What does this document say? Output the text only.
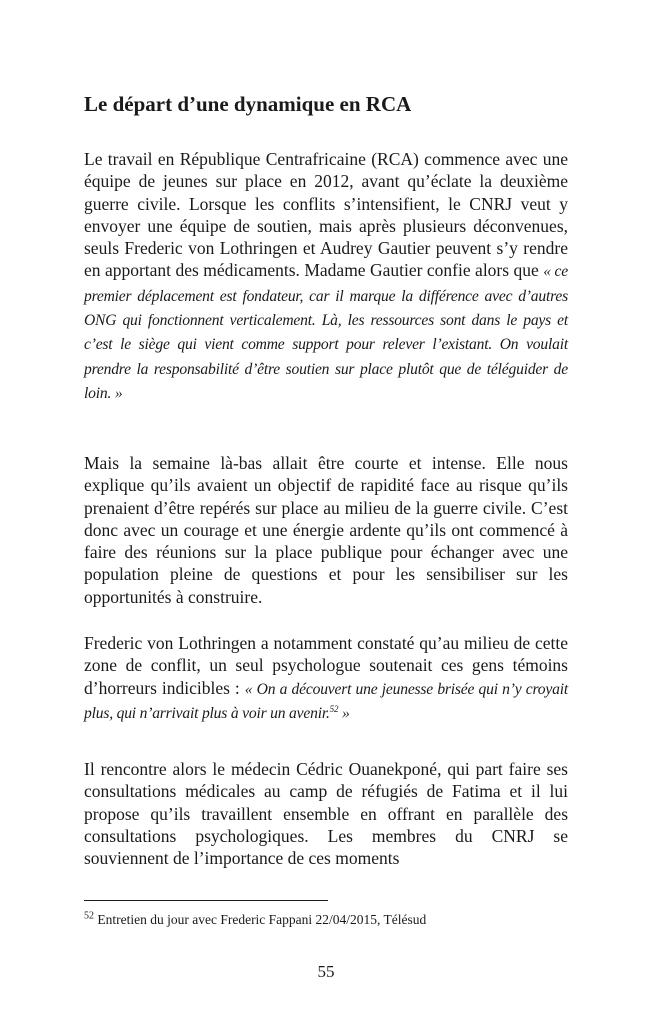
Le départ d’une dynamique en RCA

Le travail en République Centrafricaine (RCA) commence avec une équipe de jeunes sur place en 2012, avant qu’éclate la deuxième guerre civile. Lorsque les conflits s’intensifient, le CNRJ veut y envoyer une équipe de soutien, mais après plusieurs déconvenues, seuls Frederic von Lothringen et Audrey Gautier peuvent s’y rendre en apportant des médicaments. Madame Gautier confie alors que « ce premier déplacement est fondateur, car il marque la différence avec d’autres ONG qui fonctionnent verticalement. Là, les ressources sont dans le pays et c’est le siège qui vient comme support pour relever l’existant. On voulait prendre la responsabilité d’être soutien sur place plutôt que de téléguider de loin. »

Mais la semaine là-bas allait être courte et intense. Elle nous explique qu’ils avaient un objectif de rapidité face au risque qu’ils prenaient d’être repérés sur place au milieu de la guerre civile. C’est donc avec un courage et une énergie ardente qu’ils ont commencé à faire des réunions sur la place publique pour échanger avec une population pleine de questions et pour les sensibiliser sur les opportunités à construire.

Frederic von Lothringen a notamment constaté qu’au milieu de cette zone de conflit, un seul psychologue soutenait ces gens témoins d’horreurs indicibles : « On a découvert une jeunesse brisée qui n’y croyait plus, qui n’arrivait plus à voir un avenir.$^{52}$ »

Il rencontre alors le médecin Cédric Ouanekponé, qui part faire ses consultations médicales au camp de réfugiés de Fatima et il lui propose qu’ils travaillent ensemble en offrant en parallèle des consultations psychologiques. Les membres du CNRJ se souviennent de l’importance de ces moments

$^{52}$ Entretien du jour avec Frederic Fappani 22/04/2015, Télésud

55
